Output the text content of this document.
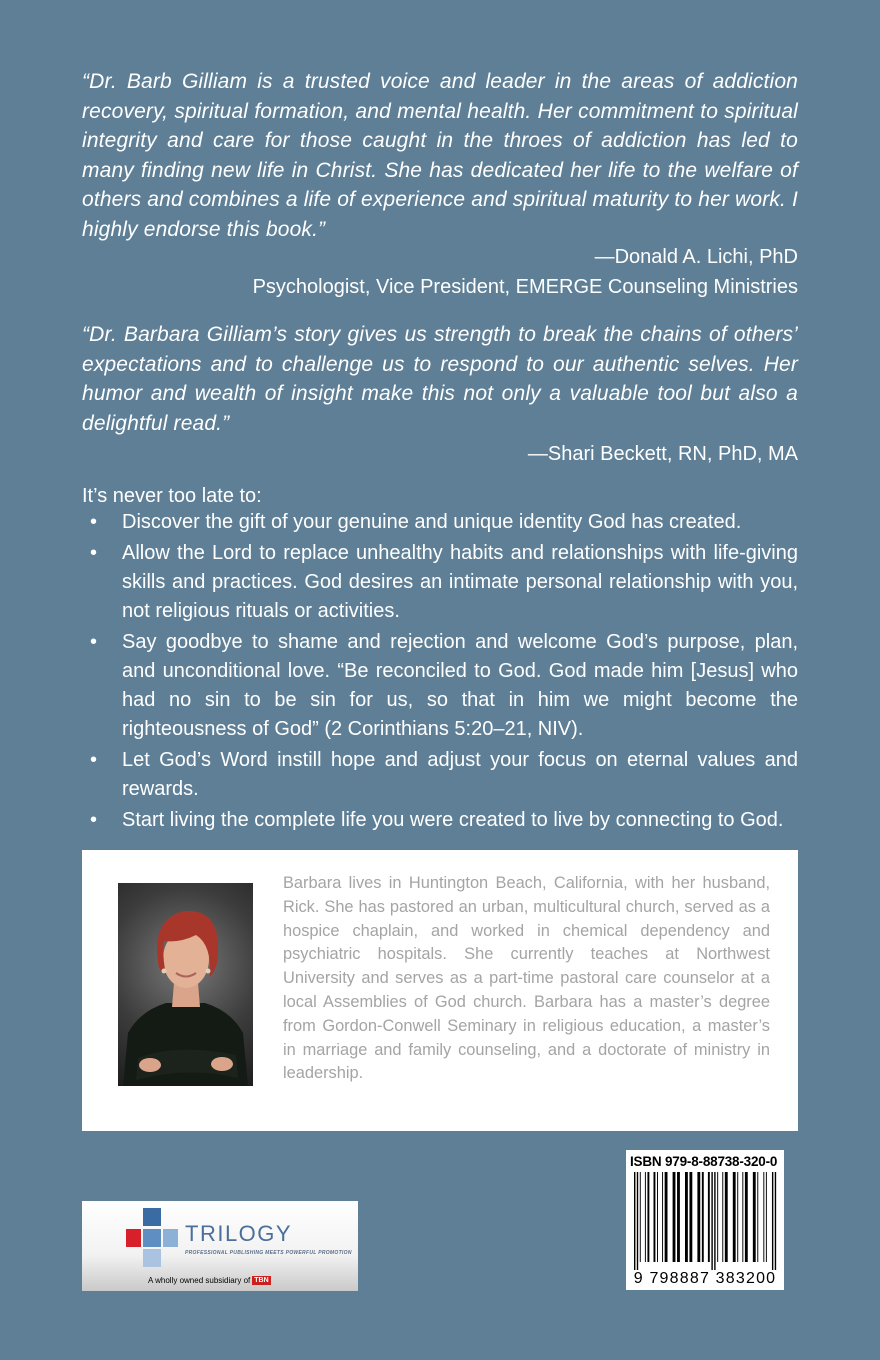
“Dr. Barb Gilliam is a trusted voice and leader in the areas of addiction recovery, spiritual formation, and mental health. Her commitment to spiritual integrity and care for those caught in the throes of addiction has led to many finding new life in Christ. She has dedicated her life to the welfare of others and combines a life of experience and spiritual maturity to her work. I highly endorse this book.”

—Donald A. Lichi, PhD

Psychologist, Vice President, EMERGE Counseling Ministries

“Dr. Barbara Gilliam’s story gives us strength to break the chains of others’ expectations and to challenge us to respond to our authentic selves. Her humor and wealth of insight make this not only a valuable tool but also a delightful read.”

—Shari Beckett, RN, PhD, MA

It’s never too late to:

• Discover the gift of your genuine and unique identity God has created.
• Allow the Lord to replace unhealthy habits and relationships with life-giving skills and practices. God desires an intimate personal relationship with you, not religious rituals or activities.
• Say goodbye to shame and rejection and welcome God’s purpose, plan, and unconditional love. “Be reconciled to God. God made him [Jesus] who had no sin to be sin for us, so that in him we might become the righteousness of God” (2 Corinthians 5:20–21, NIV).
• Let God’s Word instill hope and adjust your focus on eternal values and rewards.
• Start living the complete life you were created to live by connecting to God.

Barbara lives in Huntington Beach, California, with her husband, Rick. She has pastored an urban, multicultural church, served as a hospice chaplain, and worked in chemical dependency and psychiatric hospitals. She currently teaches at Northwest University and serves as a part-time pastoral care counselor at a local Assemblies of God church. Barbara has a master’s degree from Gordon-Conwell Seminary in religious education, a master’s in marriage and family counseling, and a doctorate of ministry in leadership.

ISBN 979-8-88738-320-0
9 798887 383200
TRILOGY
PROFESSIONAL PUBLISHING MEETS POWERFUL PROMOTION
A wholly owned subsidiary of TBN
